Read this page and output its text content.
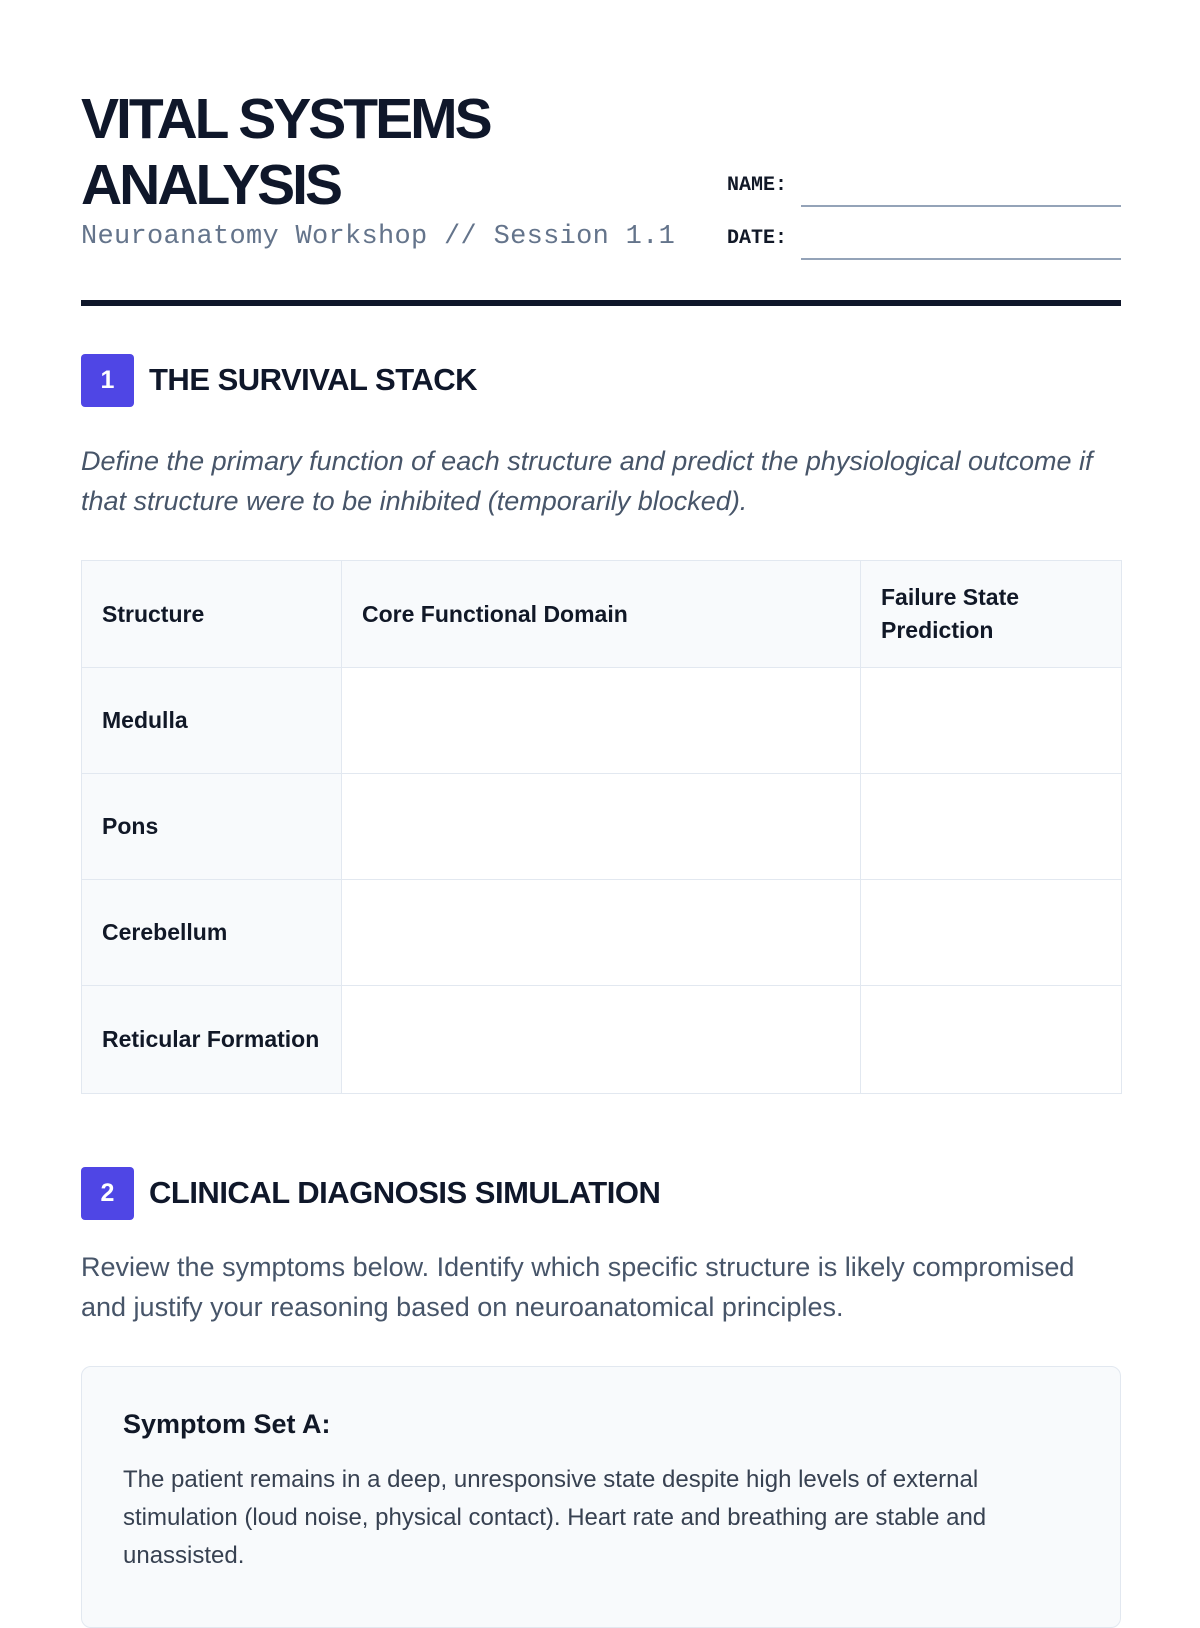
VITAL SYSTEMS ANALYSIS
Neuroanatomy Workshop // Session 1.1
NAME:
DATE:
1	THE SURVIVAL STACK
Define the primary function of each structure and predict the physiological outcome if that structure were to be inhibited (temporarily blocked).
Structure	Core Functional Domain	Failure State Prediction
Medulla		
Pons		
Cerebellum		
Reticular Formation		
2	CLINICAL DIAGNOSIS SIMULATION
Review the symptoms below. Identify which specific structure is likely compromised and justify your reasoning based on neuroanatomical principles.
Symptom Set A:
The patient remains in a deep, unresponsive state despite high levels of external stimulation (loud noise, physical contact). Heart rate and breathing are stable and unassisted.
